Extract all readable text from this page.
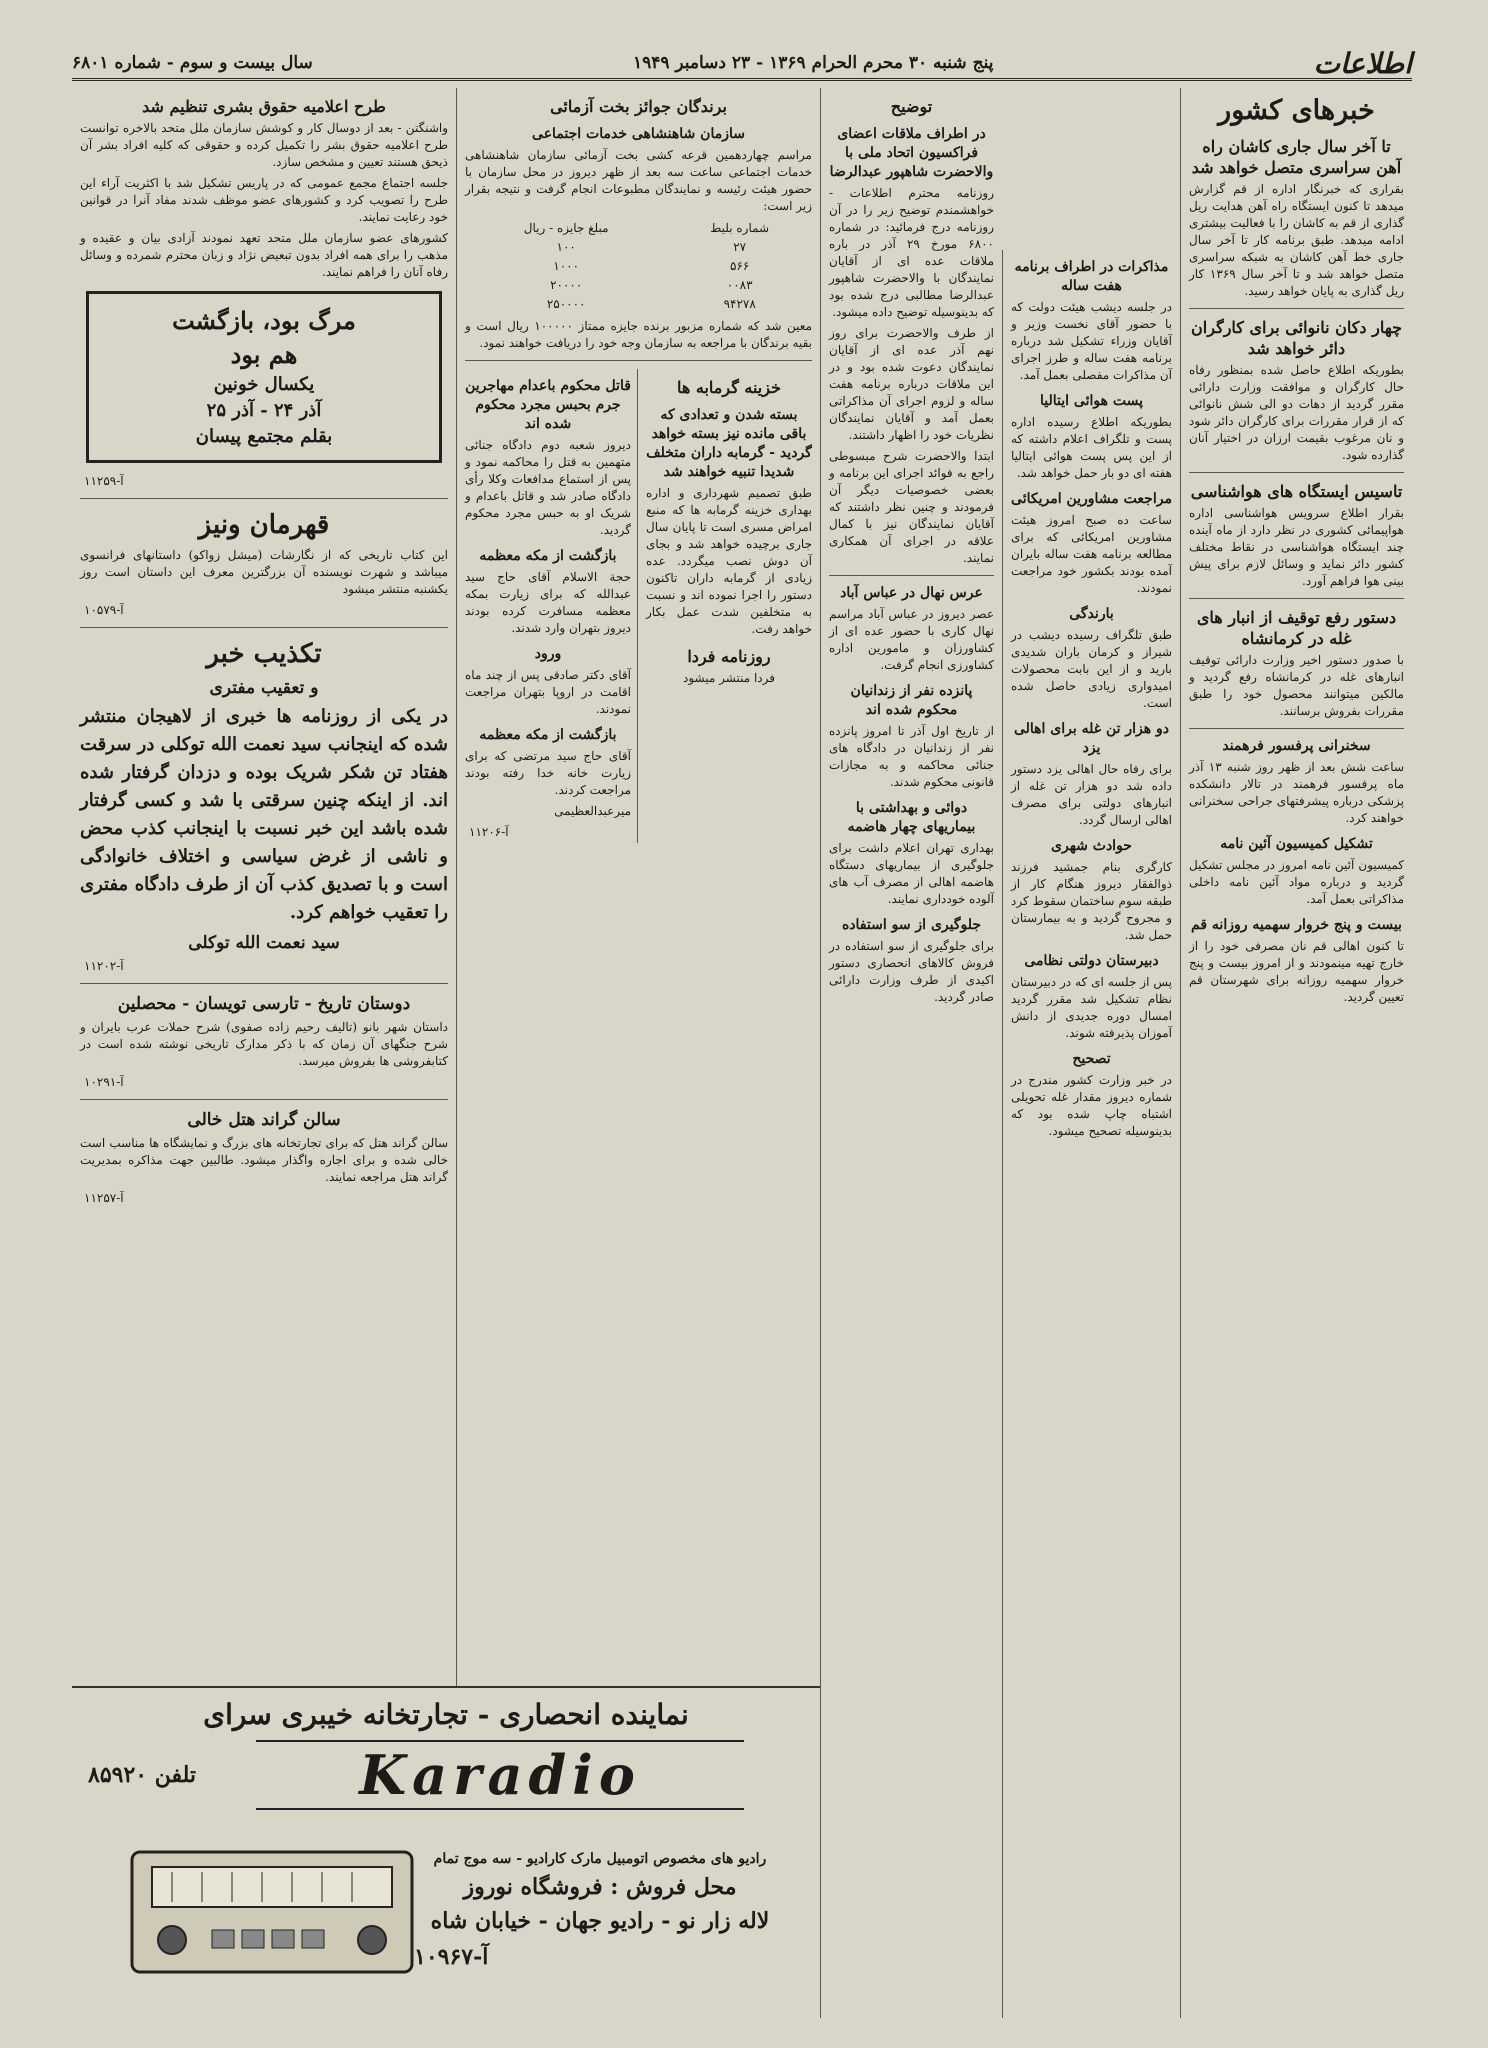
اطلاعات
پنج شنبه ۳۰ محرم الحرام ۱۳۶۹ - ۲۳ دسامبر ۱۹۴۹
سال بیست و سوم - شماره ۶۸۰۱
خبرهای کشور
تا آخر سال جاری کاشان راه آهن سراسری متصل خواهد شد

بقراری که خبرنگار اداره از قم گزارش میدهد تا کنون ایستگاه راه آهن هدایت ریل گذاری از قم به کاشان را با فعالیت بیشتری ادامه میدهد. طبق برنامه کار تا آخر سال جاری خط آهن کاشان به شبکه سراسری متصل خواهد شد و تا آخر سال ۱۳۶۹ کار ریل گذاری به پایان خواهد رسید.

چهار دکان نانوائی برای کارگران دائر خواهد شد

بطوریکه اطلاع حاصل شده بمنظور رفاه حال کارگران و موافقت وزارت دارائی مقرر گردید از دهات دو الی شش نانوائی که از قرار مقررات برای کارگران دائر شود و نان مرغوب بقیمت ارزان در اختیار آنان گذارده شود.

تاسیس ایستگاه های هواشناسی

بقرار اطلاع سرویس هواشناسی اداره هواپیمائی کشوری در نظر دارد از ماه آینده چند ایستگاه هواشناسی در نقاط مختلف کشور دائر نماید و وسائل لازم برای پیش بینی هوا فراهم آورد.

دستور رفع توقیف از انبار های غله در کرمانشاه

با صدور دستور اخیر وزارت دارائی توقیف انبارهای غله در کرمانشاه رفع گردید و مالکین میتوانند محصول خود را طبق مقررات بفروش برسانند.

سخنرانی پرفسور فرهمند

ساعت شش بعد از ظهر روز شنبه ۱۳ آذر ماه پرفسور فرهمند در تالار دانشکده پزشکی درباره پیشرفتهای جراحی سخنرانی خواهند کرد.

تشکیل کمیسیون آئین نامه

کمیسیون آئین نامه امروز در مجلس تشکیل گردید و درباره مواد آئین نامه داخلی مذاکراتی بعمل آمد.

بیست و پنج خروار سهمیه روزانه قم

تا کنون اهالی قم نان مصرفی خود را از خارج تهیه مینمودند و از امروز بیست و پنج خروار سهمیه روزانه برای شهرستان قم تعیین گردید.

مذاکرات در اطراف برنامه هفت ساله

در جلسه دیشب هیئت دولت که با حضور آقای نخست وزیر و آقایان وزراء تشکیل شد درباره برنامه هفت ساله و طرز اجرای آن مذاکرات مفصلی بعمل آمد.

پست هوائی ایتالیا

بطوریکه اطلاع رسیده اداره پست و تلگراف اعلام داشته که از این پس پست هوائی ایتالیا هفته ای دو بار حمل خواهد شد.

مراجعت مشاورین امریکائی

ساعت ده صبح امروز هیئت مشاورین امریکائی که برای مطالعه برنامه هفت ساله بایران آمده بودند بکشور خود مراجعت نمودند.

بارندگی

طبق تلگراف رسیده دیشب در شیراز و کرمان باران شدیدی بارید و از این بابت محصولات امیدواری زیادی حاصل شده است.

دو هزار تن غله برای اهالی یزد

برای رفاه حال اهالی یزد دستور داده شد دو هزار تن غله از انبارهای دولتی برای مصرف اهالی ارسال گردد.

حوادث شهری

کارگری بنام جمشید فرزند ذوالفقار دیروز هنگام کار از طبقه سوم ساختمان سقوط کرد و مجروح گردید و به بیمارستان حمل شد.

دبیرستان دولتی نظامی

پس از جلسه ای که در دبیرستان نظام تشکیل شد مقرر گردید امسال دوره جدیدی از دانش آموزان پذیرفته شوند.

تصحیح

در خبر وزارت کشور مندرج در شماره دیروز مقدار غله تحویلی اشتباه چاپ شده بود که بدینوسیله تصحیح میشود.

توضیح
در اطراف ملاقات اعضای فراکسیون اتحاد ملی با والاحضرت شاهپور عبدالرضا

روزنامه محترم اطلاعات - خواهشمندم توضیح زیر را در آن روزنامه درج فرمائید: در شماره ۶۸۰۰ مورخ ۲۹ آذر در باره ملاقات عده ای از آقایان نمایندگان با والاحضرت شاهپور عبدالرضا مطالبی درج شده بود که بدینوسیله توضیح داده میشود.

از طرف والاحضرت برای روز نهم آذر عده ای از آقایان نمایندگان دعوت شده بود و در این ملاقات درباره برنامه هفت ساله و لزوم اجرای آن مذاکراتی بعمل آمد و آقایان نمایندگان نظریات خود را اظهار داشتند.

ابتدا والاحضرت شرح مبسوطی راجع به فوائد اجرای این برنامه و بعضی خصوصیات دیگر آن فرمودند و چنین نظر داشتند که آقایان نمایندگان نیز با کمال علاقه در اجرای آن همکاری نمایند.

عرس نهال در عباس آباد

عصر دیروز در عباس آباد مراسم نهال کاری با حضور عده ای از کشاورزان و مامورین اداره کشاورزی انجام گرفت.

پانزده نفر از زندانیان محکوم شده اند

از تاریخ اول آذر تا امروز پانزده نفر از زندانیان در دادگاه های جنائی محاکمه و به مجازات قانونی محکوم شدند.

دوائی و بهداشتی با بیماریهای چهار هاضمه

بهداری تهران اعلام داشت برای جلوگیری از بیماریهای دستگاه هاضمه اهالی از مصرف آب های آلوده خودداری نمایند.

جلوگیری از سو استفاده

برای جلوگیری از سو استفاده در فروش کالاهای انحصاری دستور اکیدی از طرف وزارت دارائی صادر گردید.

برندگان جوائز بخت آزمائی
سازمان شاهنشاهی خدمات اجتماعی

مراسم چهاردهمین قرعه کشی بخت آزمائی سازمان شاهنشاهی خدمات اجتماعی ساعت سه بعد از ظهر دیروز در محل سازمان با حضور هیئت رئیسه و نمایندگان مطبوعات انجام گرفت و نتیجه بقرار زیر است:

شماره بلیط	مبلغ جایزه - ریال
۲۷	۱۰۰
۵۶۶	۱۰۰۰
۰۰۸۳	۲۰۰۰۰
۹۴۲۷۸	۲۵۰۰۰۰

معین شد که شماره مزبور برنده جایزه ممتاز ۱۰۰۰۰۰ ریال است و بقیه برندگان با مراجعه به سازمان وجه خود را دریافت خواهند نمود.

خزینه گرمابه ها
بسته شدن و تعدادی که باقی مانده نیز بسته خواهد گردید - گرمابه داران متخلف شدیدا تنبیه خواهند شد

طبق تصمیم شهرداری و اداره بهداری خزینه گرمابه ها که منبع امراض مسری است تا پایان سال جاری برچیده خواهد شد و بجای آن دوش نصب میگردد. عده زیادی از گرمابه داران تاکنون دستور را اجرا نموده اند و نسبت به متخلفین شدت عمل بکار خواهد رفت.

روزنامه فردا

فردا منتشر میشود

قاتل محکوم باعدام مهاجرین جرم بحبس مجرد محکوم شده اند

دیروز شعبه دوم دادگاه جنائی متهمین به قتل را محاکمه نمود و پس از استماع مدافعات وکلا رأی دادگاه صادر شد و قاتل باعدام و شریک او به حبس مجرد محکوم گردید.

بازگشت از مکه معظمه

حجة الاسلام آقای حاج سید عبدالله که برای زیارت بمکه معظمه مسافرت کرده بودند دیروز بتهران وارد شدند.

ورود

آقای دکتر صادقی پس از چند ماه اقامت در اروپا بتهران مراجعت نمودند.

بازگشت از مکه معظمه

آقای حاج سید مرتضی که برای زیارت خانه خدا رفته بودند مراجعت کردند.

میرعبدالعظیمی

آ-۱۱۲۰۶
طرح اعلامیه حقوق بشری تنظیم شد

واشنگتن - بعد از دوسال کار و کوشش سازمان ملل متحد بالاخره توانست طرح اعلامیه حقوق بشر را تکمیل کرده و حقوقی که کلیه افراد بشر آن ذیحق هستند تعیین و مشخص سازد.

جلسه اجتماع مجمع عمومی که در پاریس تشکیل شد با اکثریت آراء این طرح را تصویب کرد و کشورهای عضو موظف شدند مفاد آنرا در قوانین خود رعایت نمایند.

کشورهای عضو سازمان ملل متحد تعهد نمودند آزادی بیان و عقیده و مذهب را برای همه افراد بدون تبعیض نژاد و زبان محترم شمرده و وسائل رفاه آنان را فراهم نمایند.

مرگ بود، بازگشت
هم بود
یکسال خونین
آذر ۲۴ - آذر ۲۵
بقلم مجتمع پیسان
آ-۱۱۲۵۹
قهرمان ونیز

این کتاب تاریخی که از نگارشات (میشل زواکو) داستانهای فرانسوی میباشد و شهرت نویسنده آن بزرگترین معرف این داستان است روز یکشنبه منتشر میشود

آ-۱۰۵۷۹
تکذیب خبر
و تعقیب مفتری

در یکی از روزنامه ها خبری از لاهیجان منتشر شده که اینجانب سید نعمت الله توکلی در سرقت هفتاد تن شکر شریک بوده و دزدان گرفتار شده اند. از اینکه چنین سرقتی با شد و کسی گرفتار شده باشد این خبر نسبت با اینجانب کذب محض و ناشی از غرض سیاسی و اختلاف خانوادگی است و با تصدیق کذب آن از طرف دادگاه مفتری را تعقیب خواهم کرد.

سید نعمت الله توکلی
آ-۱۱۲۰۲
دوستان تاریخ - تارسی تویسان - محصلین

داستان شهر بانو (تالیف رحیم زاده صفوی) شرح حملات عرب بایران و شرح جنگهای آن زمان که با ذکر مدارک تاریخی نوشته شده است در کتابفروشی ها بفروش میرسد.

آ-۱۰۲۹۱
سالن گراند هتل خالی

سالن گراند هتل که برای تجارتخانه های بزرگ و نمایشگاه ها مناسب است خالی شده و برای اجاره واگذار میشود. طالبین جهت مذاکره بمدیریت گراند هتل مراجعه نمایند.

آ-۱۱۲۵۷
نماینده انحصاری - تجارتخانه خیبری سرای
Karadio
تلفن ۸۵۹۲۰
رادیو های مخصوص اتومبیل مارک کارادیو - سه موج تمام
محل فروش : فروشگاه نوروز
لاله زار نو - رادیو جهان - خیابان شاه
آ-۱۰۹۶۷
